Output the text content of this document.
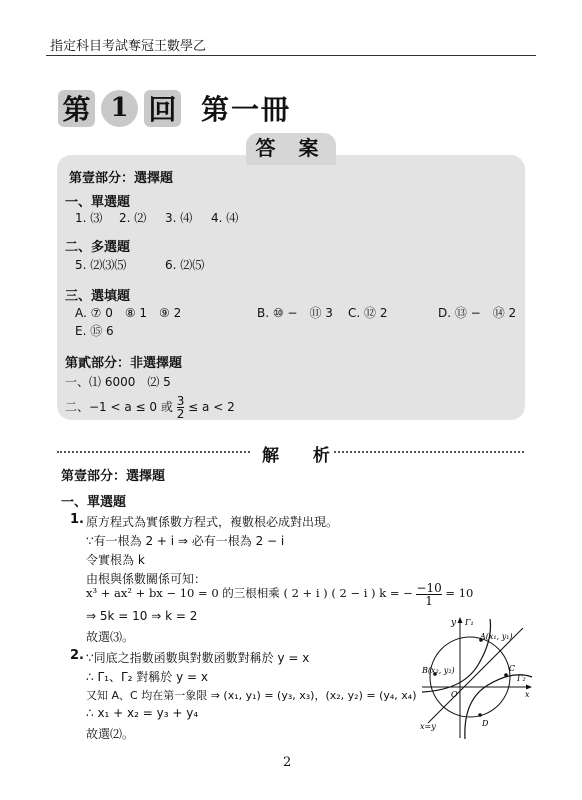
指定科目考試奪冠王數學乙
第 1 回 第一冊
答 案
第壹部分：選擇題
一、單選題
1. ⑶ 2. ⑵ 3. ⑷ 4. ⑷
二、多選題
5. ⑵⑶⑸	6. ⑵⑸
三、選填題
A. ⑦ 0　⑧ 1　⑨ 2	B. ⑩ −　⑪ 3 C. ⑫ 2	D. ⑬ −　⑭ 2
E. ⑮ 6
第貳部分：非選擇題
一、⑴ 6000　⑵ 5
二、−1 < a ≤ 0 或 $\frac{3}{2} \le a < 2$
解 析
第壹部分：選擇題
一、單選題
1. 原方程式為實係數方程式，複數根必成對出現。
∵有一根為 2 + i ⇒ 必有一根為 2 − i
令實根為 k
由根與係數關係可知：
x³ + ax² + bx − 10 = 0 的三根相乘 ( 2 + i ) ( 2 − i ) k = − $\frac{-10}{1} = 10$
⇒ 5k = 10 ⇒ k = 2
故選⑶。
2. ∵同底之指數函數與對數函數對稱於 y = x
∴ Γ₁、Γ₂ 對稱於 y = x
又知 A、C 均在第一象限 ⇒ (x₁, y₁) = (y₃, x₃)，(x₂, y₂) = (y₄, x₄)
∴ x₁ + x₂ = y₃ + y₄
故選⑵。
y Γ₁
A(x₁, y₁)
B(x₂, y₂)	C
Γ₂
O	x
D
x=y
2
